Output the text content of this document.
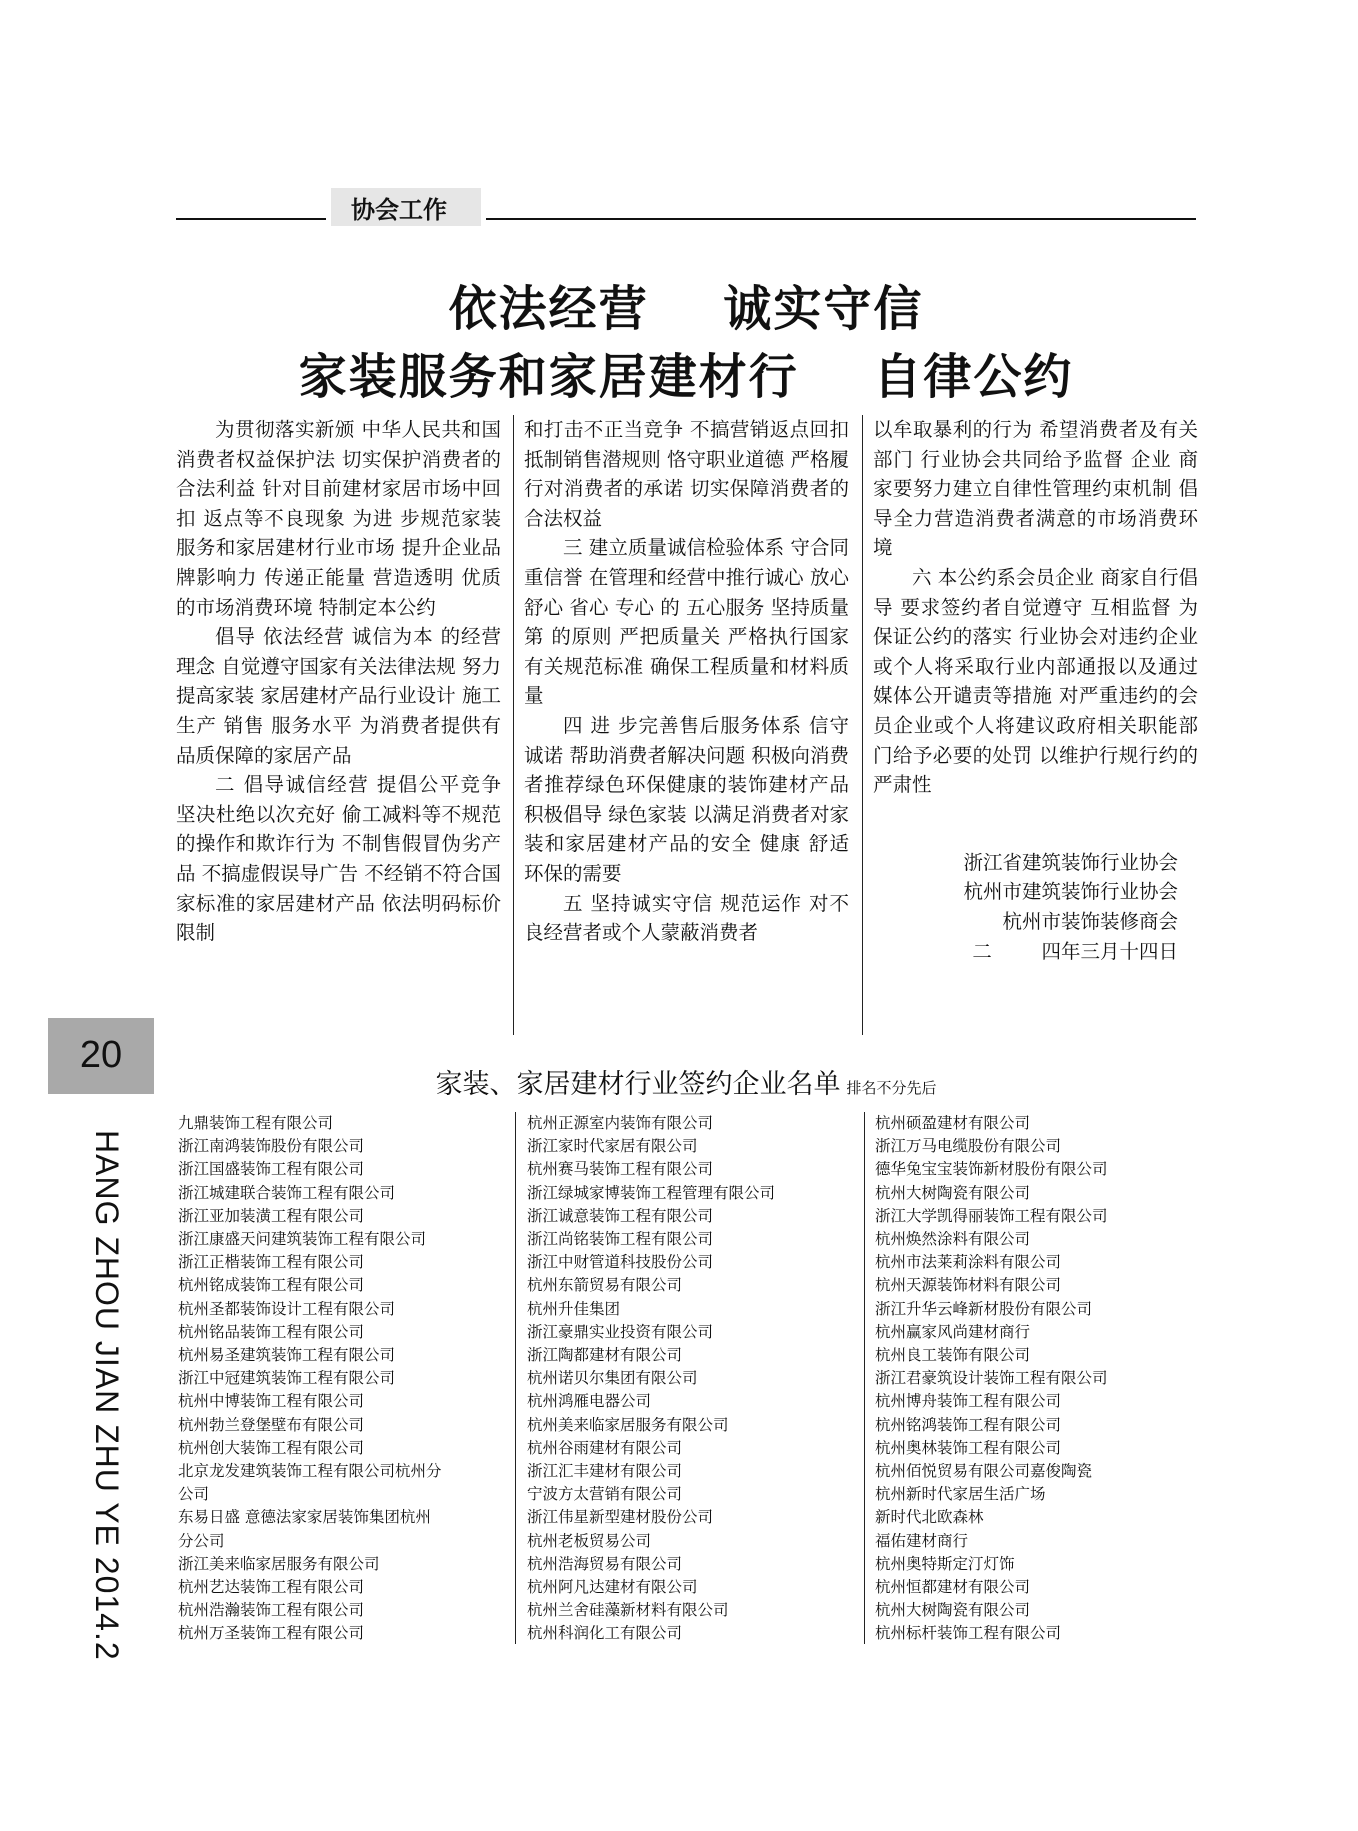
协会工作
依法经营    诚实守信
家装服务和家居建材行    自律公约

为贯彻落实新颁 中华人民共和国消费者权益保护法 切实保护消费者的合法利益 针对目前建材家居市场中回扣 返点等不良现象 为进 步规范家装服务和家居建材行业市场 提升企业品牌影响力 传递正能量 营造透明 优质的市场消费环境 特制定本公约

倡导 依法经营 诚信为本 的经营理念 自觉遵守国家有关法律法规 努力提高家装 家居建材产品行业设计 施工 生产 销售 服务水平 为消费者提供有品质保障的家居产品

二 倡导诚信经营 提倡公平竞争 坚决杜绝以次充好 偷工减料等不规范的操作和欺诈行为 不制售假冒伪劣产品 不搞虚假误导广告 不经销不符合国家标准的家居建材产品 依法明码标价 限制

和打击不正当竞争 不搞营销返点回扣 抵制销售潜规则 恪守职业道德 严格履行对消费者的承诺 切实保障消费者的合法权益

三 建立质量诚信检验体系 守合同 重信誉 在管理和经营中推行诚心 放心 舒心 省心 专心 的 五心服务 坚持质量第 的原则 严把质量关 严格执行国家有关规范标准 确保工程质量和材料质量

四 进 步完善售后服务体系 信守诚诺 帮助消费者解决问题 积极向消费者推荐绿色环保健康的装饰建材产品 积极倡导 绿色家装 以满足消费者对家装和家居建材产品的安全 健康 舒适 环保的需要

五 坚持诚实守信 规范运作 对不良经营者或个人蒙蔽消费者

以牟取暴利的行为 希望消费者及有关部门 行业协会共同给予监督 企业 商家要努力建立自律性管理约束机制 倡导全力营造消费者满意的市场消费环境

六 本公约系会员企业 商家自行倡导 要求签约者自觉遵守 互相监督 为保证公约的落实 行业协会对违约企业或个人将采取行业内部通报以及通过媒体公开谴责等措施 对严重违约的会员企业或个人将建议政府相关职能部门给予必要的处罚 以维护行规行约的严肃性

浙江省建筑装饰行业协会
杭州市建筑装饰行业协会
杭州市装饰装修商会
二        四年三月十四日
20
HANG ZHOU JIAN ZHU YE 2014.2
家装、家居建材行业签约企业名单 排名不分先后
九鼎装饰工程有限公司
浙江南鸿装饰股份有限公司
浙江国盛装饰工程有限公司
浙江城建联合装饰工程有限公司
浙江亚加装潢工程有限公司
浙江康盛天问建筑装饰工程有限公司
浙江正楷装饰工程有限公司
杭州铭成装饰工程有限公司
杭州圣都装饰设计工程有限公司
杭州铭品装饰工程有限公司
杭州易圣建筑装饰工程有限公司
浙江中冠建筑装饰工程有限公司
杭州中博装饰工程有限公司
杭州勃兰登堡壁布有限公司
杭州创大装饰工程有限公司
北京龙发建筑装饰工程有限公司杭州分
公司
东易日盛 意德法家家居装饰集团杭州
分公司
浙江美来临家居服务有限公司
杭州艺达装饰工程有限公司
杭州浩瀚装饰工程有限公司
杭州万圣装饰工程有限公司
杭州正源室内装饰有限公司
浙江家时代家居有限公司
杭州赛马装饰工程有限公司
浙江绿城家博装饰工程管理有限公司
浙江诚意装饰工程有限公司
浙江尚铭装饰工程有限公司
浙江中财管道科技股份公司
杭州东箭贸易有限公司
杭州升佳集团
浙江豪鼎实业投资有限公司
浙江陶都建材有限公司
杭州诺贝尔集团有限公司
杭州鸿雁电器公司
杭州美来临家居服务有限公司
杭州谷雨建材有限公司
浙江汇丰建材有限公司
宁波方太营销有限公司
浙江伟星新型建材股份公司
杭州老板贸易公司
杭州浩海贸易有限公司
杭州阿凡达建材有限公司
杭州兰舍硅藻新材料有限公司
杭州科润化工有限公司
杭州硕盈建材有限公司
浙江万马电缆股份有限公司
德华兔宝宝装饰新材股份有限公司
杭州大树陶瓷有限公司
浙江大学凯得丽装饰工程有限公司
杭州焕然涂料有限公司
杭州市法莱莉涂料有限公司
杭州天源装饰材料有限公司
浙江升华云峰新材股份有限公司
杭州赢家风尚建材商行
杭州良工装饰有限公司
浙江君豪筑设计装饰工程有限公司
杭州博舟装饰工程有限公司
杭州铭鸿装饰工程有限公司
杭州奥林装饰工程有限公司
杭州佰悦贸易有限公司嘉俊陶瓷
杭州新时代家居生活广场
新时代北欧森林
福佑建材商行
杭州奥特斯定汀灯饰
杭州恒都建材有限公司
杭州大树陶瓷有限公司
杭州标杆装饰工程有限公司
